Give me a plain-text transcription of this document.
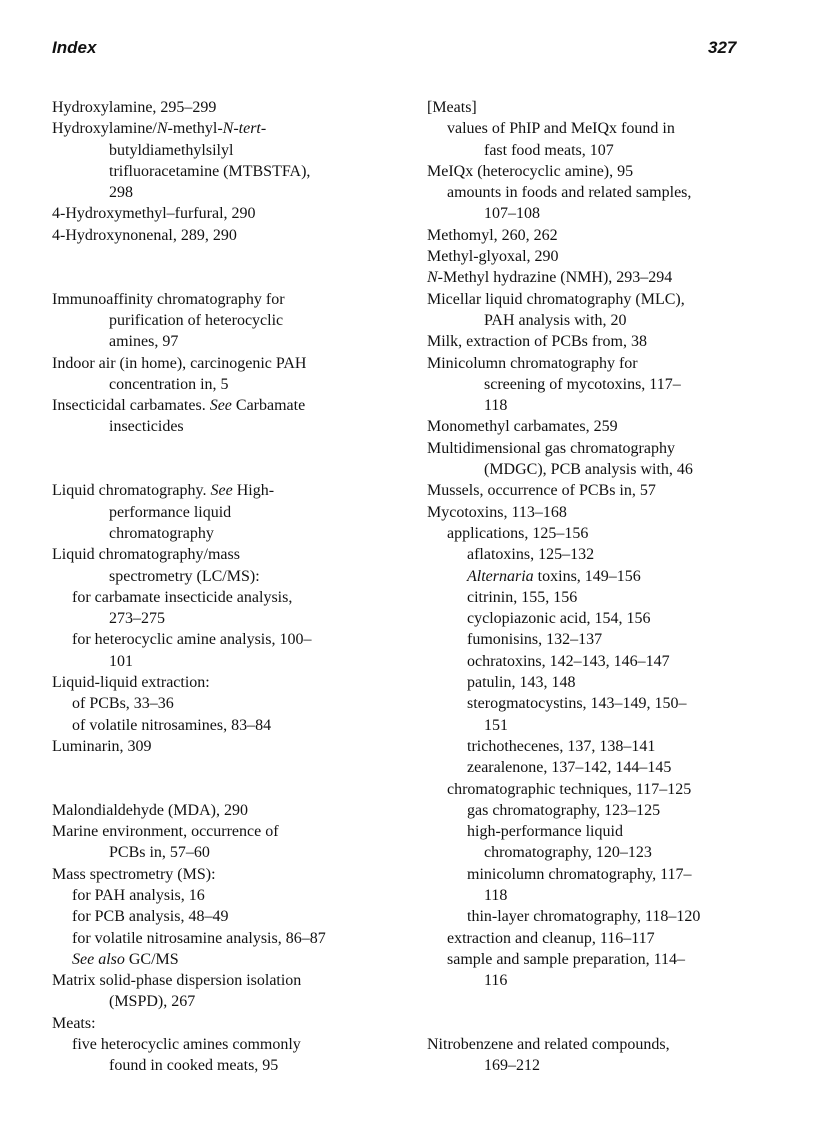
Index	327

Hydroxylamine, 295–299

Hydroxylamine/N-methyl-N-tert-

butyldiamethylsilyl

trifluoracetamine (MTBSTFA),

298

4-Hydroxymethyl–furfural, 290

4-Hydroxynonenal, 289, 290

Immunoaffinity chromatography for

purification of heterocyclic

amines, 97

Indoor air (in home), carcinogenic PAH

concentration in, 5

Insecticidal carbamates. See Carbamate

insecticides

Liquid chromatography. See High-

performance liquid

chromatography

Liquid chromatography/mass

spectrometry (LC/MS):

for carbamate insecticide analysis,

273–275

for heterocyclic amine analysis, 100–

101

Liquid-liquid extraction:

of PCBs, 33–36

of volatile nitrosamines, 83–84

Luminarin, 309

Malondialdehyde (MDA), 290

Marine environment, occurrence of

PCBs in, 57–60

Mass spectrometry (MS):

for PAH analysis, 16

for PCB analysis, 48–49

for volatile nitrosamine analysis, 86–87

See also GC/MS

Matrix solid-phase dispersion isolation

(MSPD), 267

Meats:

five heterocyclic amines commonly

found in cooked meats, 95

[Meats]

values of PhIP and MeIQx found in

fast food meats, 107

MeIQx (heterocyclic amine), 95

amounts in foods and related samples,

107–108

Methomyl, 260, 262

Methyl-glyoxal, 290

N-Methyl hydrazine (NMH), 293–294

Micellar liquid chromatography (MLC),

PAH analysis with, 20

Milk, extraction of PCBs from, 38

Minicolumn chromatography for

screening of mycotoxins, 117–

118

Monomethyl carbamates, 259

Multidimensional gas chromatography

(MDGC), PCB analysis with, 46

Mussels, occurrence of PCBs in, 57

Mycotoxins, 113–168

applications, 125–156

aflatoxins, 125–132

Alternaria toxins, 149–156

citrinin, 155, 156

cyclopiazonic acid, 154, 156

fumonisins, 132–137

ochratoxins, 142–143, 146–147

patulin, 143, 148

sterogmatocystins, 143–149, 150–

151

trichothecenes, 137, 138–141

zearalenone, 137–142, 144–145

chromatographic techniques, 117–125

gas chromatography, 123–125

high-performance liquid

chromatography, 120–123

minicolumn chromatography, 117–

118

thin-layer chromatography, 118–120

extraction and cleanup, 116–117

sample and sample preparation, 114–

116

Nitrobenzene and related compounds,

169–212
